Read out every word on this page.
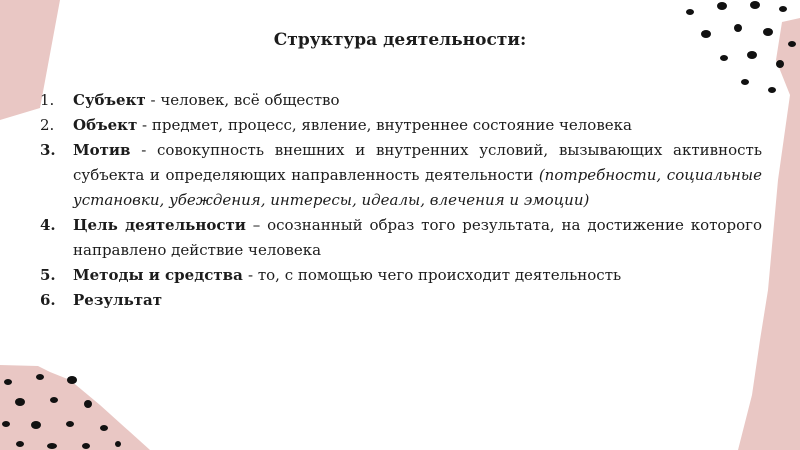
Структура деятельности:
1. Субъект - человек, всё общество
2. Объект - предмет, процесс, явление, внутреннее состояние человека
3. Мотив - совокупность внешних и внутренних условий, вызывающих активность субъекта и определяющих направленность деятельности (потребности, социальные установки, убеждения, интересы, идеалы, влечения и эмоции)
4. Цель деятельности – осознанный образ того результата, на достижение которого направлено действие человека
5. Методы и средства - то, с помощью чего происходит деятельность
6. Результат
